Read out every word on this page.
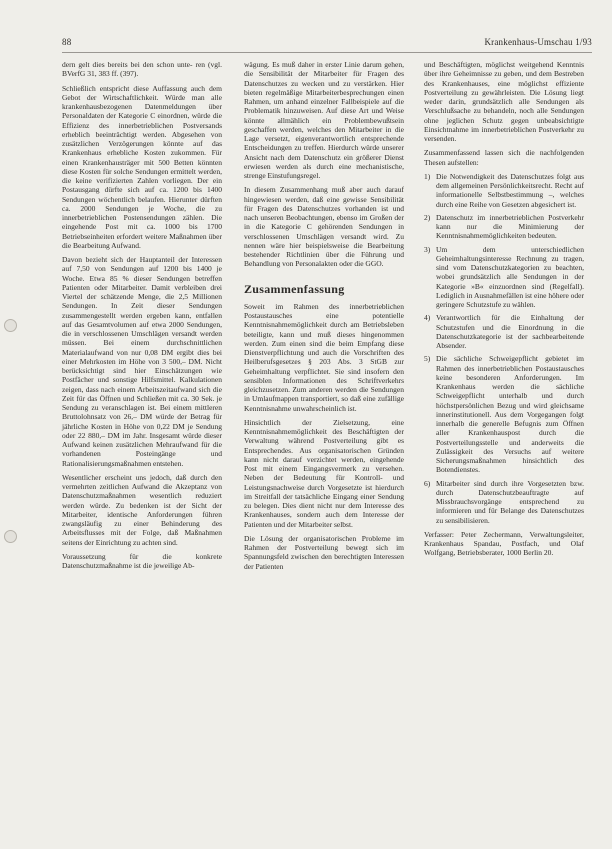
88	Krankenhaus-Umschau 1/93

dern gelt dies bereits bei den schon unte- ren (vgl. BVerfG 31, 383 ff. (397).

Schließlich entspricht diese Auffassung auch dem Gebot der Wirtschaftlichkeit. Würde man alle krankenhausbezogenen Datenmeldungen über Personaldaten der Kategorie C einordnen, würde die Effizienz des innerbetrieblichen Postversands erheblich beeinträchtigt werden. Abgesehen von zusätzlichen Verzögerungen könnte auf das Krankenhaus erhebliche Kosten zukommen. Für einen Krankenhausträger mit 500 Betten könnten diese Kosten für solche Sendungen ermittelt werden, die keine verifizierten Zahlen vorliegen. Der ein Postausgang dürfte sich auf ca. 1200 bis 1400 Sendungen wöchentlich belaufen. Hierunter dürften ca. 2000 Sendungen je Woche, die zu innerbetrieblichen Postensendungen zählen. Die eingehende Post mit ca. 1000 bis 1700 Betriebseinheiten erfordert weitere Maßnahmen über die Bearbeitung Aufwand.

Davon bezieht sich der Hauptanteil der Interessen auf 7,50 von Sendungen auf 1200 bis 1400 je Woche. Etwa 85 % dieser Sendungen betreffen Patienten oder Mitarbeiter. Damit verbleiben drei Viertel der schätzende Menge, die 2,5 Millionen Sendungen. In Zeit dieser Sendungen zusammengestellt werden ergeben kann, entfallen auf das Gesamtvolumen auf etwa 2000 Sendungen, die in verschlossenen Umschlägen versandt werden müssen. Bei einem durchschnittlichen Materialaufwand von nur 0,08 DM ergibt dies bei einer Mehrkosten im Höhe von 3 500,– DM. Nicht berücksichtigt sind hier Einschätzungen wie Postfächer und sonstige Hilfsmittel. Kalkulationen zeigen, dass nach einem Arbeitszeitaufwand sich die Zeit für das Öffnen und Schließen mit ca. 30 Sek. je Sendung zu veranschlagen ist. Bei einem mittleren Bruttolohnsatz von 26,– DM würde der Betrag für jährliche Kosten in Höhe von 0,22 DM je Sendung oder 22 880,– DM im Jahr. Insgesamt würde dieser Aufwand keinen zusätzlichen Mehraufwand für die vorhandenen Posteingänge und Rationalisierungsmaßnahmen entstehen.

Wesentlicher erscheint uns jedoch, daß durch den vermehrten zeitlichen Aufwand die Akzeptanz von Datenschutzmaßnahmen wesentlich reduziert werden würde. Zu bedenken ist der Sicht der Mitarbeiter, identische Anforderungen führen zwangsläufig zu einer Behinderung des Arbeitsflusses mit der Folge, daß Maßnahmen seitens der Einrichtung zu achten sind.

Voraussetzung für die konkrete Datenschutzmaßnahme ist die jeweilige Ab-

wägung. Es muß daher in erster Linie darum gehen, die Sensibilität der Mitarbeiter für Fragen des Datenschutzes zu wecken und zu verstärken. Hier bieten regelmäßige Mitarbeiterbesprechungen einen Rahmen, um anhand einzelner Fallbeispiele auf die Problematik hinzuweisen. Auf diese Art und Weise könnte allmählich ein Problembewußtsein geschaffen werden, welches den Mitarbeiter in die Lage versetzt, eigenverantwortlich entsprechende Entscheidungen zu treffen. Hierdurch würde unserer Ansicht nach dem Datenschutz ein größerer Dienst erwiesen werden als durch eine mechanistische, strenge Einstufungsregel.

In diesem Zusammenhang muß aber auch darauf hingewiesen werden, daß eine gewisse Sensibilität für Fragen des Datenschutzes vorhanden ist und nach unseren Beobachtungen, ebenso im Großen der in die Kategorie C gehörenden Sendungen in verschlossenen Umschlägen versandt wird. Zu nennen wäre hier beispielsweise die Bearbeitung bestehender Richtlinien über die Führung und Behandlung von Personalakten oder die GGO.

Zusammenfassung

Soweit im Rahmen des innerbetrieblichen Postaustausches eine potentielle Kenntnisnahmemöglichkeit durch am Betriebsleben beteiligte, kann und muß dieses hingenommen werden. Zum einen sind die beim Empfang diese Dienstverpflichtung und auch die Vorschriften des Heilberufsgesetzes § 203 Abs. 3 StGB zur Geheimhaltung verpflichtet. Sie sind insofern den sensiblen Informationen des Schriftverkehrs gleichzusetzen. Zum anderen werden die Sendungen in Umlaufmappen transportiert, so daß eine zufällige Kenntnisnahme unwahrscheinlich ist.

Hinsichtlich der Zielsetzung, eine Kenntnisnahmemöglichkeit des Beschäftigten der Verwaltung während Postverteilung gibt es Entsprechendes. Aus organisatorischen Gründen kann nicht darauf verzichtet werden, eingehende Post mit einem Eingangsvermerk zu versehen. Neben der Bedeutung für Kontroll- und Leistungsnachweise durch Vorgesetzte ist hierdurch im Streitfall der tatsächliche Eingang einer Sendung zu belegen. Dies dient nicht nur dem Interesse des Krankenhauses, sondern auch dem Interesse der Patienten und der Mitarbeiter selbst.

Die Lösung der organisatorischen Probleme im Rahmen der Postverteilung bewegt sich im Spannungsfeld zwischen den berechtigten Interessen der Patienten

und Beschäftigten, möglichst weitgehend Kenntnis über ihre Geheimnisse zu geben, und dem Bestreben des Krankenhauses, eine möglichst effiziente Postverteilung zu gewährleisten. Die Lösung liegt weder darin, grundsätzlich alle Sendungen als Verschlußsache zu behandeln, noch alle Sendungen ohne jeglichen Schutz gegen unbeabsichtigte Einsichtnahme im innerbetrieblichen Postverkehr zu versenden.

Zusammenfassend lassen sich die nachfolgenden Thesen aufstellen:

1) Die Notwendigkeit des Datenschutzes folgt aus dem allgemeinen Persönlichkeitsrecht. Recht auf informationelle Selbstbestimmung –, welches durch eine Reihe von Gesetzen abgesichert ist.
2) Datenschutz im innerbetrieblichen Postverkehr kann nur die Minimierung der Kenntnisnahmemöglichkeiten bedeuten.
3) Um dem unterschiedlichen Geheimhaltungsinteresse Rechnung zu tragen, sind vom Datenschutzkategorien zu beachten, wobei grundsätzlich alle Sendungen in der Kategorie »B« einzuordnen sind (Regelfall). Lediglich in Ausnahmefällen ist eine höhere oder geringere Schutzstufe zu wählen.
4) Verantwortlich für die Einhaltung der Schutzstufen und die Einordnung in die Datenschutzkategorie ist der sachbearbeitende Absender.
5) Die sächliche Schweigepflicht gebietet im Rahmen des innerbetrieblichen Postaustausches keine besonderen Anforderungen. Im Krankenhaus werden die sächliche Schweigepflicht unterhalb und durch höchstpersönlichen Bezug und wird gleichsame innerinstitutionell. Aus dem Vorgegangen folgt innerhalb die generelle Befugnis zum Öffnen aller Krankenhauspost durch die Postverteilungsstelle und anderweits die Zulässigkeit des Versuchs auf weitere Sicherungsmaßnahmen hinsichtlich des Botendienstes.
6) Mitarbeiter sind durch ihre Vorgesetzten bzw. durch Datenschutzbeauftragte auf Missbrauchsvorgänge entsprechend zu informieren und für Belange des Datenschutzes zu sensibilisieren.

Verfasser: Peter Zechermann, Verwaltungsleiter, Krankenhaus Spandau, Postfach, und Olaf Wolfgang, Betriebsberater, 1000 Berlin 20.
